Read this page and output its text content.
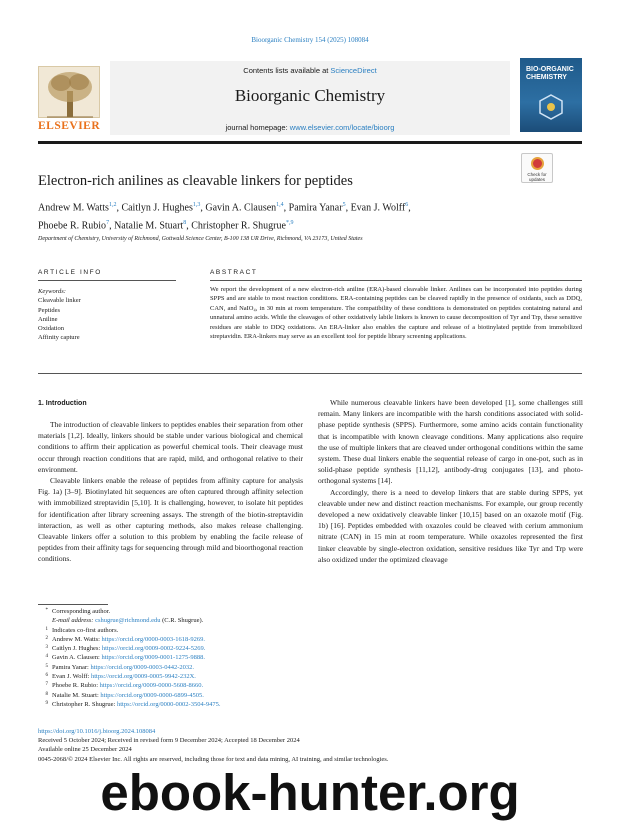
Bioorganic Chemistry 154 (2025) 108084
ELSEVIER
Contents lists available at ScienceDirect
Bioorganic Chemistry
journal homepage: www.elsevier.com/locate/bioorg
BIO-ORGANIC
CHEMISTRY
Check for updates
Electron-rich anilines as cleavable linkers for peptides
Andrew M. Watts$^{1,2}$, Caitlyn J. Hughes$^{1,3}$, Gavin A. Clausen$^{1,4}$, Pamira Yanar$^5$, Evan J. Wolff$^6$,
Phoebe R. Rubio$^7$, Natalie M. Stuart$^8$, Christopher R. Shugrue$^{*,9}$
Department of Chemistry, University of Richmond, Gottwald Science Center, B-100 138 UR Drive, Richmond, VA 23173, United States
ARTICLE INFO	ABSTRACT
Keywords:
Cleavable linker
Peptides
Aniline
Oxidation
Affinity capture
We report the development of a new electron-rich aniline (ERA)-based cleavable linker. Anilines can be incorporated into peptides during SPPS and are stable to most reaction conditions. ERA-containing peptides can be cleaved rapidly in the presence of oxidants, such as DDQ, CAN, and NaIO₄, in 30 min at room temperature. The compatibility of these conditions is demonstrated on peptides containing natural and unnatural amino acids. While the cleavages of other oxidatively labile linkers is known to cause decomposition of Tyr and Trp, these sensitive residues are stable to DDQ oxidations. An ERA-linker also enables the capture and release of a biotinylated peptide from immobilized streptavidin. ERA-linkers may serve as an excellent tool for peptide library screening applications.
1. Introduction

The introduction of cleavable linkers to peptides enables their separation from other materials [1,2]. Ideally, linkers should be stable under various biological and chemical conditions to affirm their application as powerful chemical tools. Their cleavage must occur through reaction conditions that are rapid, mild, and orthogonal relative to their environment.

Cleavable linkers enable the release of peptides from affinity capture for analysis Fig. 1a) [3–9]. Biotinylated hit sequences are often captured through affinity selection with immobilized streptavidin [5,10]. It is challenging, however, to isolate hit peptides for identification after library screening assays. The strength of the biotin-streptavidin interaction, as well as other capturing methods, also makes release challenging. Cleavable linkers offer a solution to this problem by enabling the facile release of peptides from their affinity tags for sequencing through mild and bioorthogonal reaction conditions.

While numerous cleavable linkers have been developed [1], some challenges still remain. Many linkers are incompatible with the harsh conditions associated with solid-phase peptide synthesis (SPPS). Furthermore, some amino acids contain functionality that is incompatible with known cleavage conditions. Many applications also require the use of multiple linkers that are cleaved under orthogonal conditions within the same system. These dual linkers enable the sequential release of cargo in one-pot, such as in solid-phase peptide synthesis [11,12], antibody-drug conjugates [13], and photo-orthogonal systems [14].

Accordingly, there is a need to develop linkers that are stable during SPPS, yet cleavable under new and distinct reaction mechanisms. For example, our group recently developed a new oxidatively cleavable linker [10,15] based on an oxazole motif (Fig. 1b) [16]. Peptides embedded with oxazoles could be cleaved with cerium ammonium nitrate (CAN) in 15 min at room temperature. While oxazoles represented the first linker cleavable by single-electron oxidation, sensitive residues like Tyr and Trp were also oxidized under the optimized cleavage

* Corresponding author.
E-mail address: cshugrue@richmond.edu (C.R. Shugrue).
1 Indicates co-first authors.
2 Andrew M. Watts: https://orcid.org/0000-0003-1618-9269.
3 Caitlyn J. Hughes: https://orcid.org/0009-0002-9224-5269.
4 Gavin A. Clausen: https://orcid.org/0009-0001-1275-9888.
5 Pamira Yanar: https://orcid.org/0009-0003-0442-2032.
6 Evan J. Wolff: https://orcid.org/0009-0005-9942-232X.
7 Phoebe R. Rubio: https://orcid.org/0009-0000-5608-8660.
8 Natalie M. Stuart: https://orcid.org/0009-0000-6899-4505.
9 Christopher R. Shugrue: https://orcid.org/0000-0002-3504-9475.
https://doi.org/10.1016/j.bioorg.2024.108084
Received 5 October 2024; Received in revised form 9 December 2024; Accepted 18 December 2024
Available online 25 December 2024
0045-2068/© 2024 Elsevier Inc. All rights are reserved, including those for text and data mining, AI training, and similar technologies.
ebook-hunter.org
